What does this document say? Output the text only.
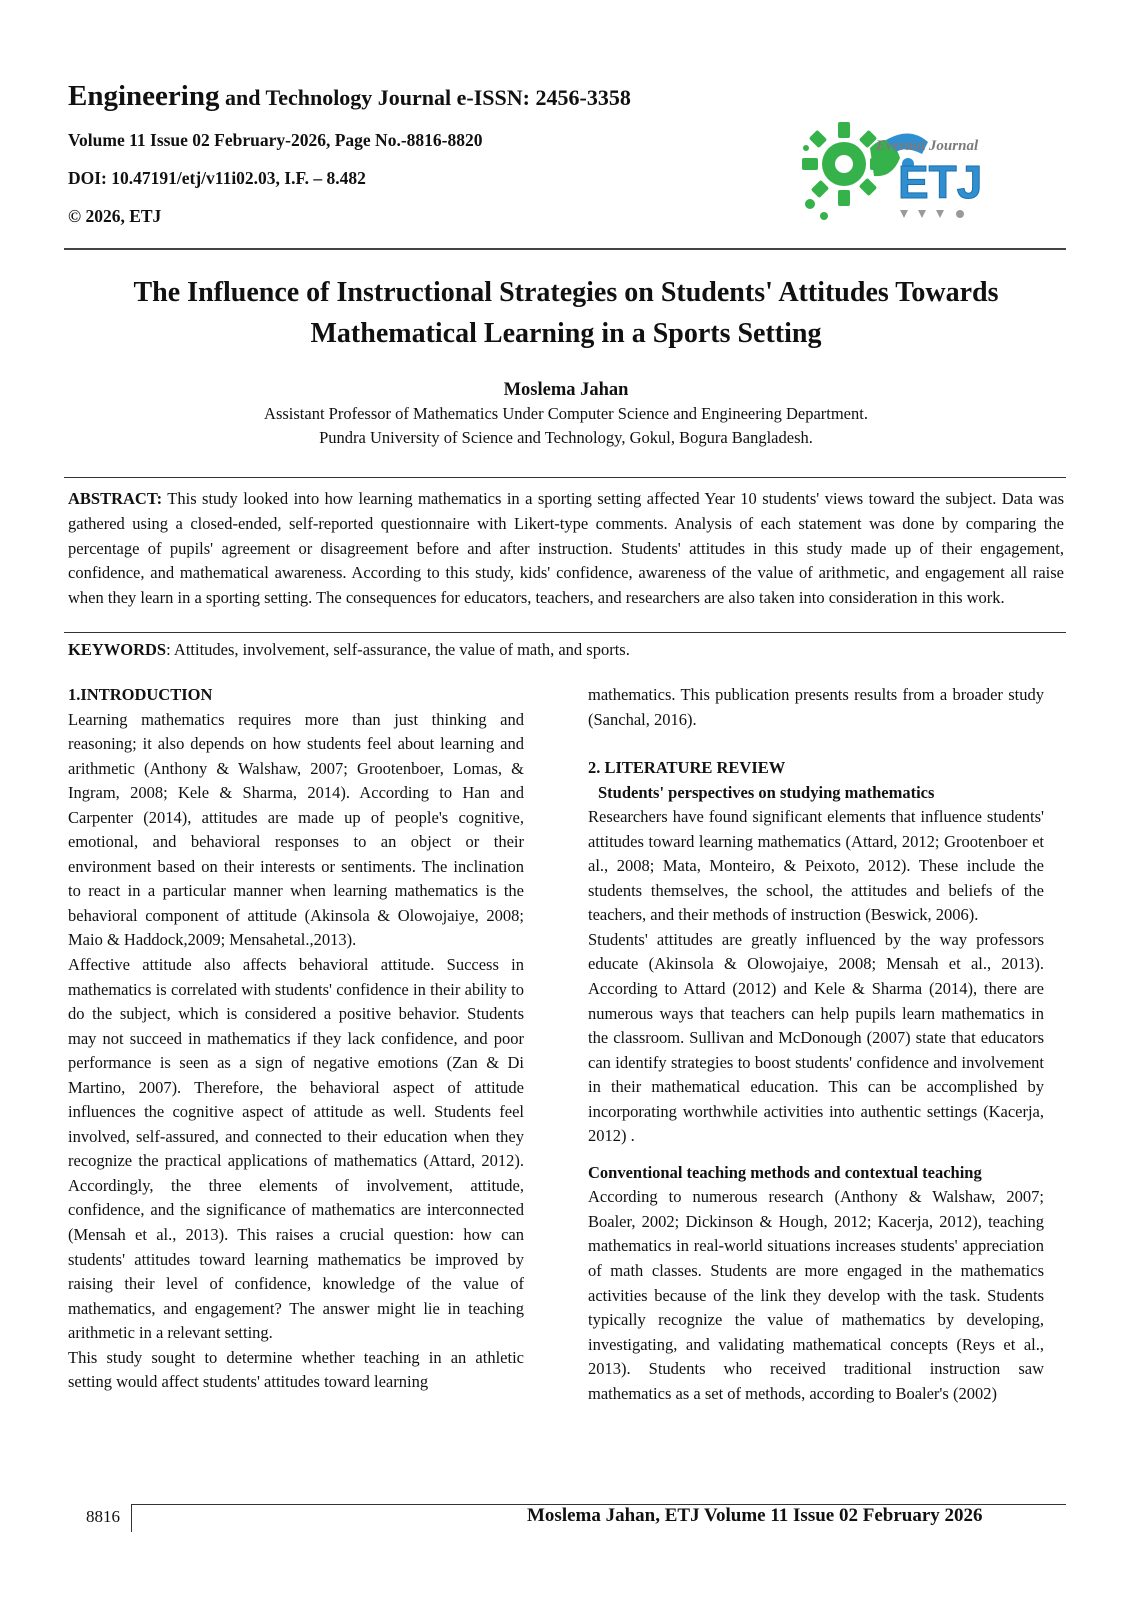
Engineering and Technology Journal e-ISSN: 2456-3358
Volume 11 Issue 02 February-2026, Page No.-8816-8820
DOI: 10.47191/etj/v11i02.03, I.F. – 8.482
© 2026, ETJ
Everant Journal
ETJ
The Influence of Instructional Strategies on Students' Attitudes Towards Mathematical Learning in a Sports Setting
Moslema Jahan
Assistant Professor of Mathematics Under Computer Science and Engineering Department.
Pundra University of Science and Technology, Gokul, Bogura Bangladesh.
ABSTRACT: This study looked into how learning mathematics in a sporting setting affected Year 10 students' views toward the subject. Data was gathered using a closed-ended, self-reported questionnaire with Likert-type comments. Analysis of each statement was done by comparing the percentage of pupils' agreement or disagreement before and after instruction. Students' attitudes in this study made up of their engagement, confidence, and mathematical awareness. According to this study, kids' confidence, awareness of the value of arithmetic, and engagement all raise when they learn in a sporting setting. The consequences for educators, teachers, and researchers are also taken into consideration in this work.
KEYWORDS: Attitudes, involvement, self-assurance, the value of math, and sports.

1.INTRODUCTION

Learning mathematics requires more than just thinking and reasoning; it also depends on how students feel about learning and arithmetic (Anthony & Walshaw, 2007; Grootenboer, Lomas, & Ingram, 2008; Kele & Sharma, 2014). According to Han and Carpenter (2014), attitudes are made up of people's cognitive, emotional, and behavioral responses to an object or their environment based on their interests or sentiments. The inclination to react in a particular manner when learning mathematics is the behavioral component of attitude (Akinsola & Olowojaiye, 2008; Maio & Haddock,2009; Mensahetal.,2013).

Affective attitude also affects behavioral attitude. Success in mathematics is correlated with students' confidence in their ability to do the subject, which is considered a positive behavior. Students may not succeed in mathematics if they lack confidence, and poor performance is seen as a sign of negative emotions (Zan & Di Martino, 2007). Therefore, the behavioral aspect of attitude influences the cognitive aspect of attitude as well. Students feel involved, self-assured, and connected to their education when they recognize the practical applications of mathematics (Attard, 2012). Accordingly, the three elements of involvement, attitude, confidence, and the significance of mathematics are interconnected (Mensah et al., 2013). This raises a crucial question: how can students' attitudes toward learning mathematics be improved by raising their level of confidence, knowledge of the value of mathematics, and engagement? The answer might lie in teaching arithmetic in a relevant setting.

This study sought to determine whether teaching in an athletic setting would affect students' attitudes toward learning

mathematics. This publication presents results from a broader study (Sanchal, 2016).

2. LITERATURE REVIEW

Students' perspectives on studying mathematics

Researchers have found significant elements that influence students' attitudes toward learning mathematics (Attard, 2012; Grootenboer et al., 2008; Mata, Monteiro, & Peixoto, 2012). These include the students themselves, the school, the attitudes and beliefs of the teachers, and their methods of instruction (Beswick, 2006).

Students' attitudes are greatly influenced by the way professors educate (Akinsola & Olowojaiye, 2008; Mensah et al., 2013). According to Attard (2012) and Kele & Sharma (2014), there are numerous ways that teachers can help pupils learn mathematics in the classroom. Sullivan and McDonough (2007) state that educators can identify strategies to boost students' confidence and involvement in their mathematical education. This can be accomplished by incorporating worthwhile activities into authentic settings (Kacerja, 2012) .

Conventional teaching methods and contextual teaching

According to numerous research (Anthony & Walshaw, 2007; Boaler, 2002; Dickinson & Hough, 2012; Kacerja, 2012), teaching mathematics in real-world situations increases students' appreciation of math classes. Students are more engaged in the mathematics activities because of the link they develop with the task. Students typically recognize the value of mathematics by developing, investigating, and validating mathematical concepts (Reys et al., 2013). Students who received traditional instruction saw mathematics as a set of methods, according to Boaler's (2002)

8816	Moslema Jahan, ETJ Volume 11 Issue 02 February 2026
